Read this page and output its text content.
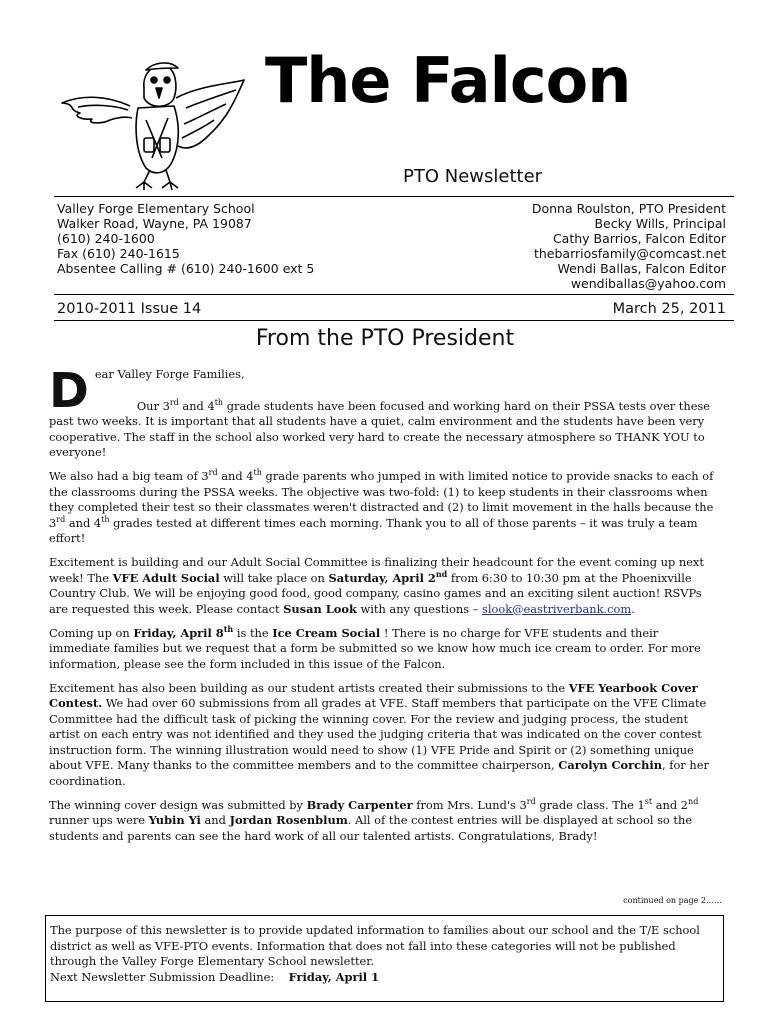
The Falcon
PTO Newsletter
Valley Forge Elementary School
Walker Road, Wayne, PA 19087
(610) 240-1600
Fax (610) 240-1615
Absentee Calling # (610) 240-1600 ext 5
Donna Roulston, PTO President
Becky Wills, Principal
Cathy Barrios, Falcon Editor
thebarriosfamily@comcast.net
Wendi Ballas, Falcon Editor
wendiballas@yahoo.com
2010-2011 Issue 14	March 25, 2011
From the PTO President

Dear Valley Forge Families,

Our 3rd and 4th grade students have been focused and working hard on their PSSA tests over these past two weeks. It is important that all students have a quiet, calm environment and the students have been very cooperative. The staff in the school also worked very hard to create the necessary atmosphere so THANK YOU to everyone!

We also had a big team of 3rd and 4th grade parents who jumped in with limited notice to provide snacks to each of the classrooms during the PSSA weeks. The objective was two-fold: (1) to keep students in their classrooms when they completed their test so their classmates weren't distracted and (2) to limit movement in the halls because the 3rd and 4th grades tested at different times each morning. Thank you to all of those parents – it was truly a team effort!

Excitement is building and our Adult Social Committee is finalizing their headcount for the event coming up next week! The VFE Adult Social will take place on Saturday, April 2nd from 6:30 to 10:30 pm at the Phoenixville Country Club. We will be enjoying good food, good company, casino games and an exciting silent auction! RSVPs are requested this week. Please contact Susan Look with any questions – slook@eastriverbank.com.

Coming up on Friday, April 8th is the Ice Cream Social ! There is no charge for VFE students and their immediate families but we request that a form be submitted so we know how much ice cream to order. For more information, please see the form included in this issue of the Falcon.

Excitement has also been building as our student artists created their submissions to the VFE Yearbook Cover Contest. We had over 60 submissions from all grades at VFE. Staff members that participate on the VFE Climate Committee had the difficult task of picking the winning cover. For the review and judging process, the student artist on each entry was not identified and they used the judging criteria that was indicated on the cover contest instruction form. The winning illustration would need to show (1) VFE Pride and Spirit or (2) something unique about VFE. Many thanks to the committee members and to the committee chairperson, Carolyn Corchin, for her coordination.

The winning cover design was submitted by Brady Carpenter from Mrs. Lund's 3rd grade class. The 1st and 2nd runner ups were Yubin Yi and Jordan Rosenblum. All of the contest entries will be displayed at school so the students and parents can see the hard work of all our talented artists. Congratulations, Brady!

continued on page 2……
The purpose of this newsletter is to provide updated information to families about our school and the T/E school district as well as VFE-PTO events. Information that does not fall into these categories will not be published through the Valley Forge Elementary School newsletter.
Next Newsletter Submission Deadline: Friday, April 1
